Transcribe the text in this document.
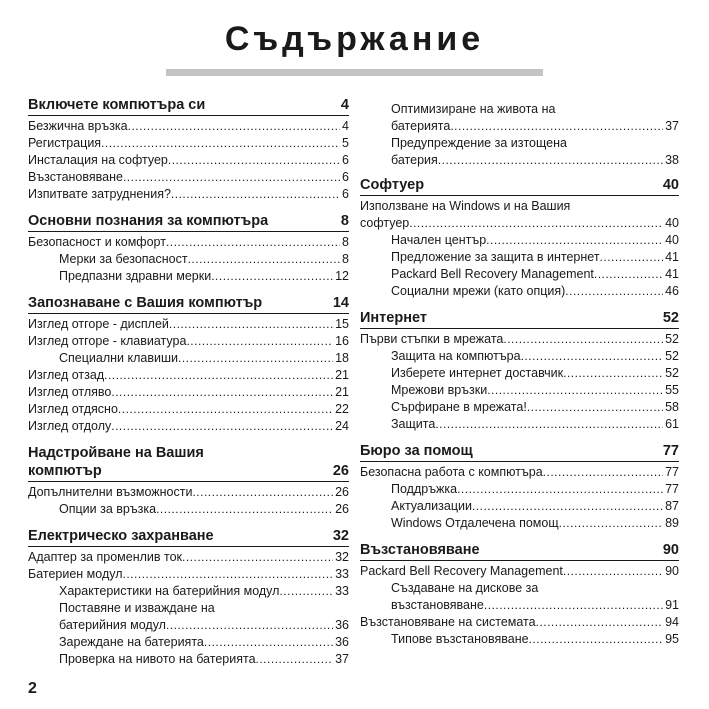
Съдържание
Включете компютъра си	4
Безжична връзка .....	4
Регистрация .....	5
Инсталация на софтуер .....	6
Възстановяване .....	6
Изпитвате затруднения? .....	6
Основни познания за компютъра	8
Безопасност и комфорт .....	8
Мерки за безопасност .....	8
Предпазни здравни мерки .....	12
Запознаване с Вашия компютър	14
Изглед отгоре - дисплей .....	15
Изглед отгоре - клавиатура .....	16
Специални клавиши .....	18
Изглед отзад .....	21
Изглед отляво .....	21
Изглед отдясно .....	22
Изглед отдолу .....	24
Надстройване на Вашия
компютър	26
Допълнителни възможности .....	26
Опции за връзка .....	26
Електрическо захранване	32
Адаптер за променлив ток .....	32
Батериен модул .....	33
Характеристики на батерийния модул .....	33
Поставяне и изваждане на
батерийния модул .....	36
Зареждане на батерията .....	36
Проверка на нивото на батерията .....	37
Оптимизиране на живота на
батерията .....	37
Предупреждение за изтощена
батерия .....	38
Софтуер	40
Използване на Windows и на Вашия
софтуер .....	40
Начален център .....	40
Предложение за защита в интернет .....	41
Packard Bell Recovery Management .....	41
Социални мрежи (като опция) .....	46
Интернет	52
Първи стъпки в мрежата .....	52
Защита на компютъра .....	52
Изберете интернет доставчик .....	52
Мрежови връзки .....	55
Сърфиране в мрежата! .....	58
Защита .....	61
Бюро за помощ	77
Безопасна работа с компютъра .....	77
Поддръжка .....	77
Актуализации .....	87
Windows Отдалечена помощ .....	89
Възстановяване	90
Packard Bell Recovery Management .....	90
Създаване на дискове за
възстановяване .....	91
Възстановяване на системата .....	94
Типове възстановяване .....	95
2
